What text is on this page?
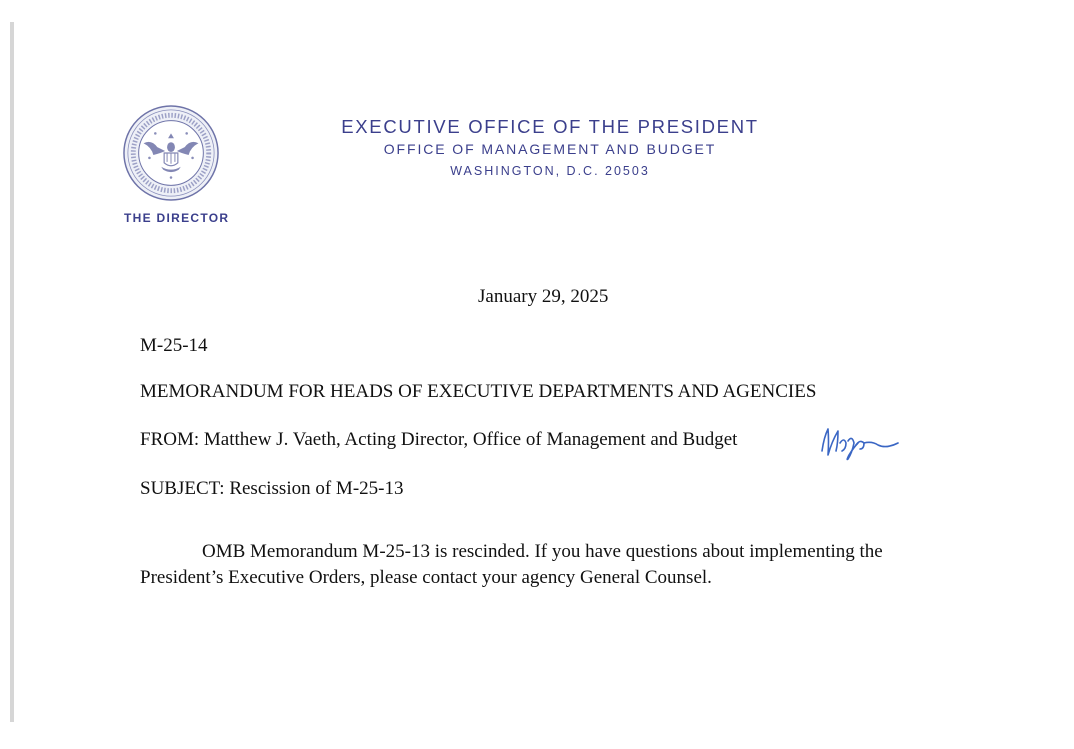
THE DIRECTOR
EXECUTIVE OFFICE OF THE PRESIDENT
OFFICE OF MANAGEMENT AND BUDGET
WASHINGTON, D.C. 20503
January 29, 2025
M-25-14
MEMORANDUM FOR HEADS OF EXECUTIVE DEPARTMENTS AND AGENCIES
FROM: Matthew J. Vaeth, Acting Director, Office of Management and Budget
SUBJECT: Rescission of M-25-13
OMB Memorandum M-25-13 is rescinded. If you have questions about implementing the President’s Executive Orders, please contact your agency General Counsel.
